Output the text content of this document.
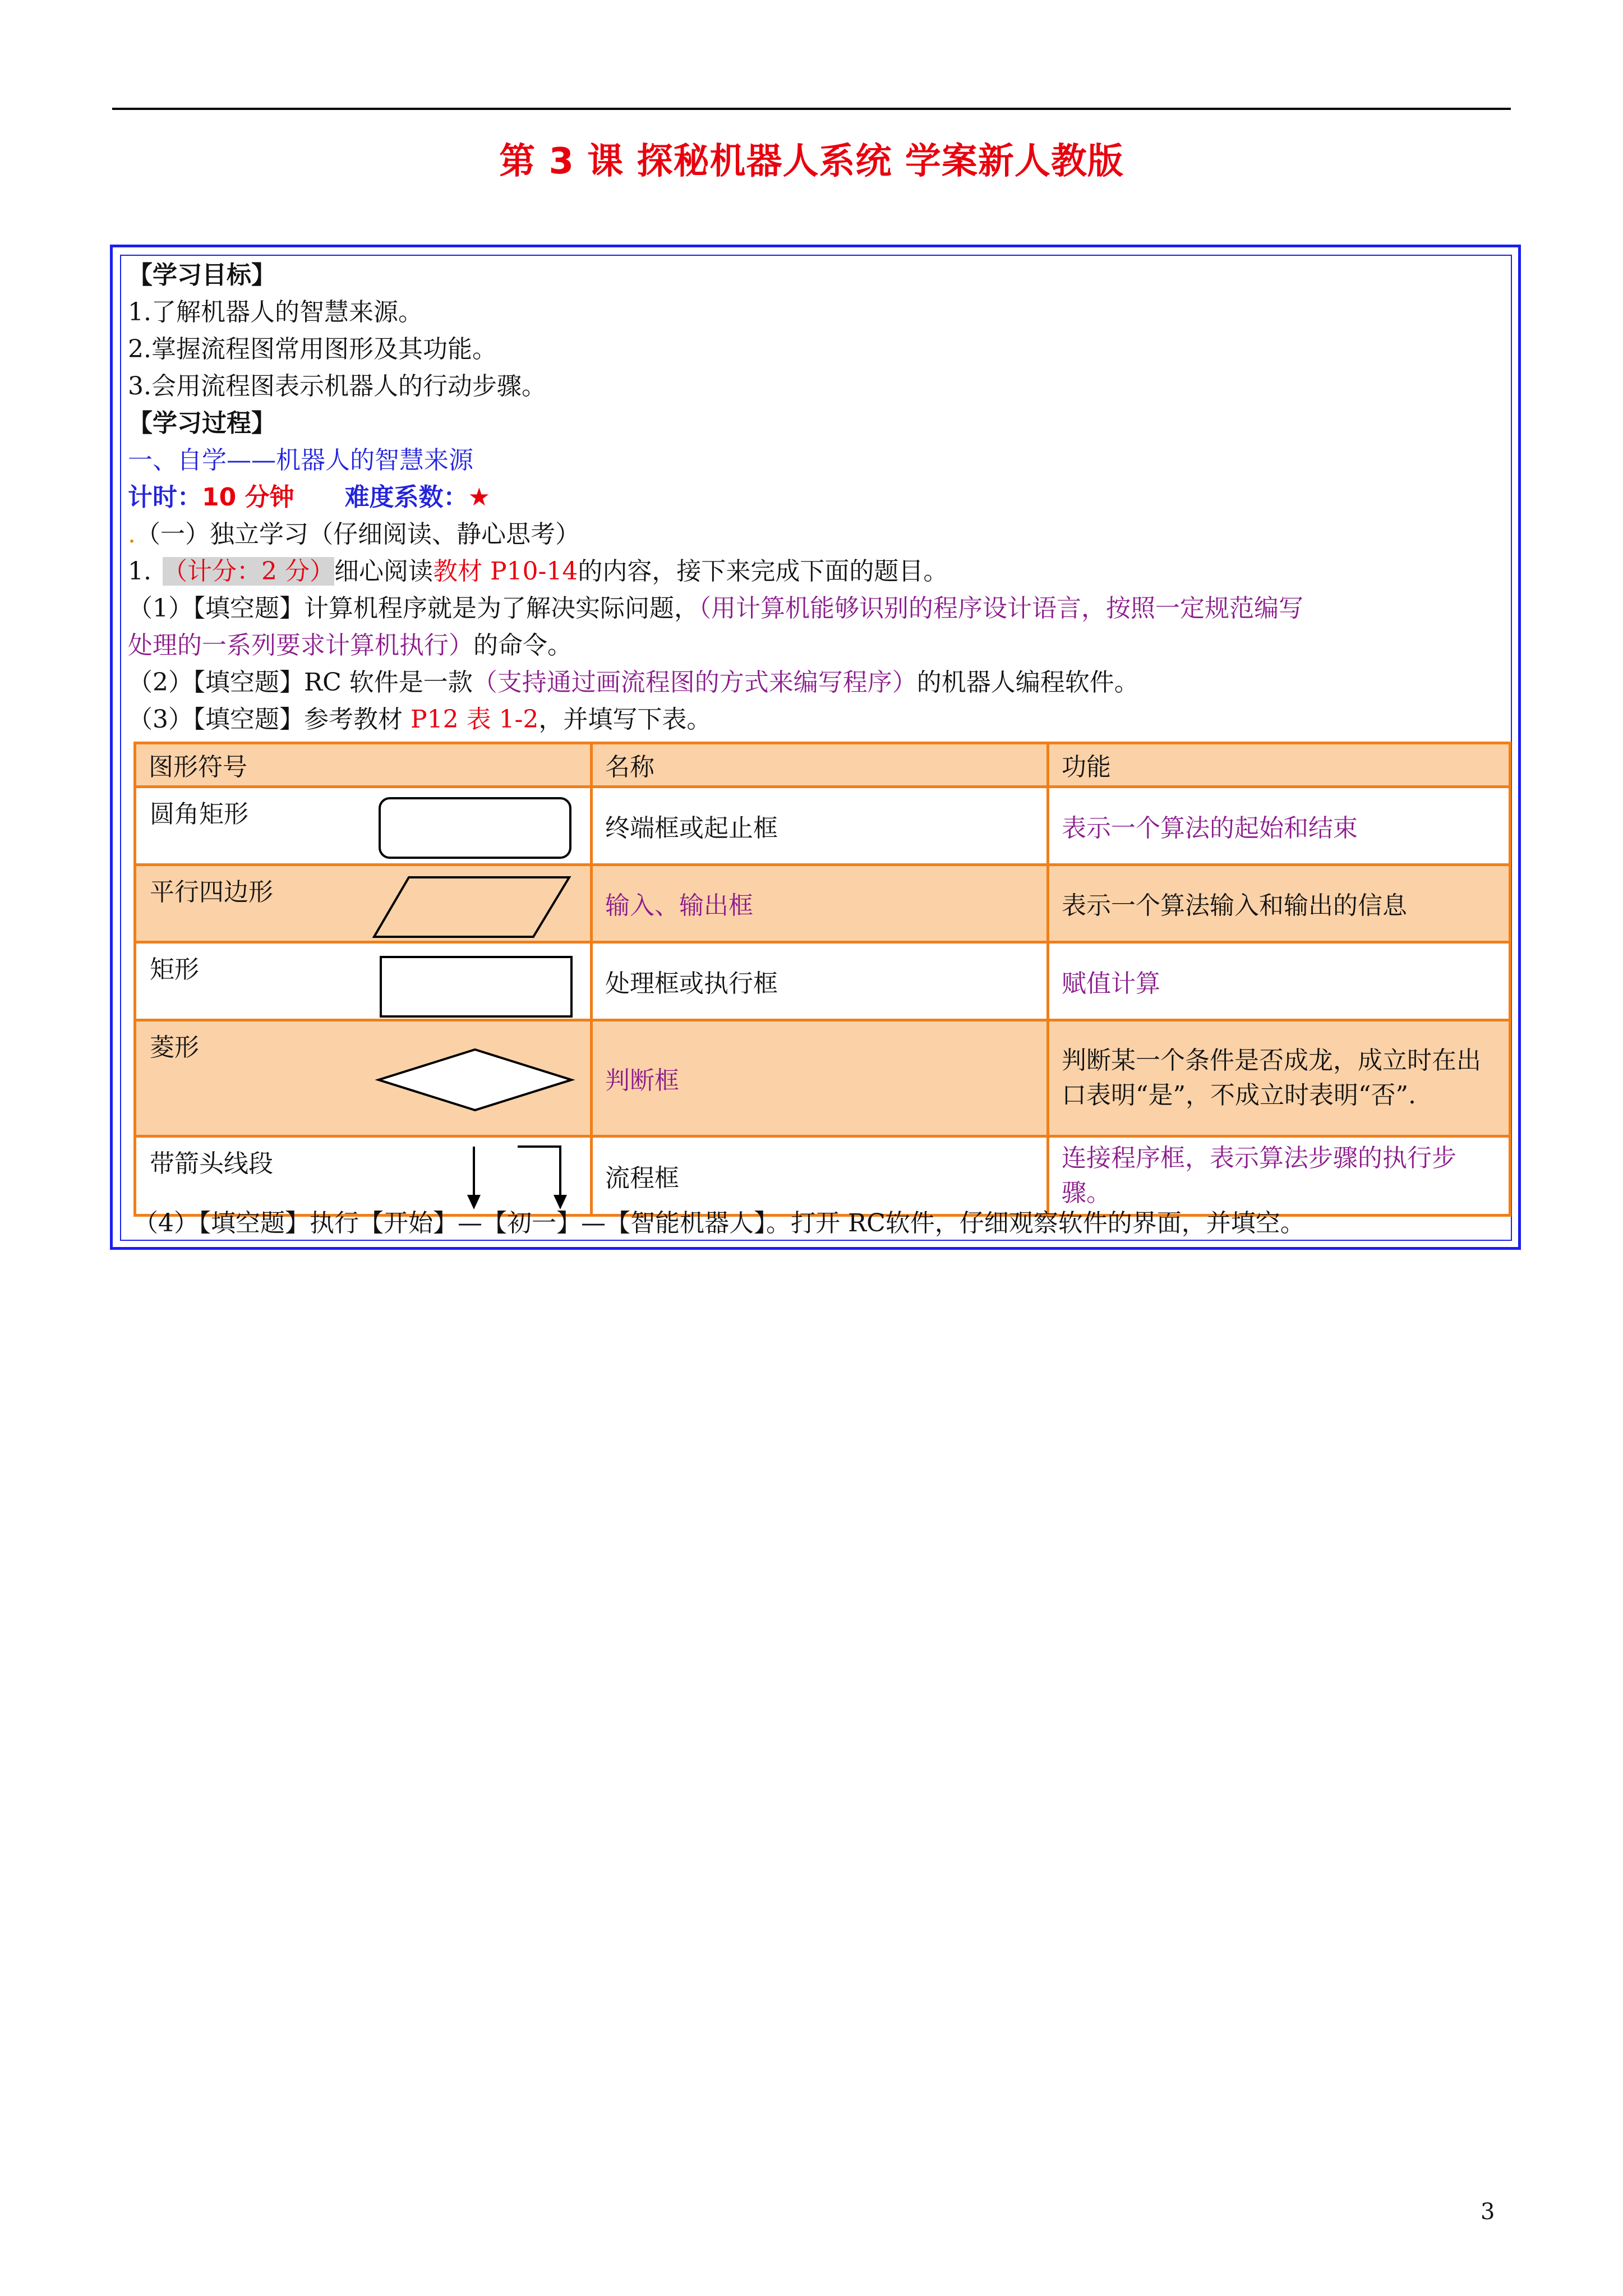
第 3 课 探秘机器人系统 学案新人教版
【学习目标】
1.了解机器人的智慧来源。
2.掌握流程图常用图形及其功能。
3.会用流程图表示机器人的行动步骤。
【学习过程】
一、自学——机器人的智慧来源
计时：10 分钟 难度系数：★
.（一）独立学习（仔细阅读、静心思考）
1. （计分：2 分）细心阅读教材 P10-14的内容，接下来完成下面的题目。
（1）【填空题】计算机程序就是为了解决实际问题，（用计算机能够识别的程序设计语言，按照一定规范编写
处理的一系列要求计算机执行）的命令。
（2）【填空题】RC 软件是一款（支持通过画流程图的方式来编写程序）的机器人编程软件。
（3）【填空题】参考教材 P12 表 1-2，并填写下表。
图形符号	名称	功能

圆角矩形	终端框或起止框	表示一个算法的起始和结束

平行四边形	输入、输出框	表示一个算法输入和输出的信息

矩形	处理框或执行框	赋值计算

菱形	判断框	判断某一个条件是否成龙，成立时在出口表明“是”，不成立时表明“否”.

带箭头线段	流程框	连接程序框，表示算法步骤的执行步骤。
（4）【填空题】执行【开始】—【初一】—【智能机器人】。打开 RC软件，仔细观察软件的界面，并填空。
3
